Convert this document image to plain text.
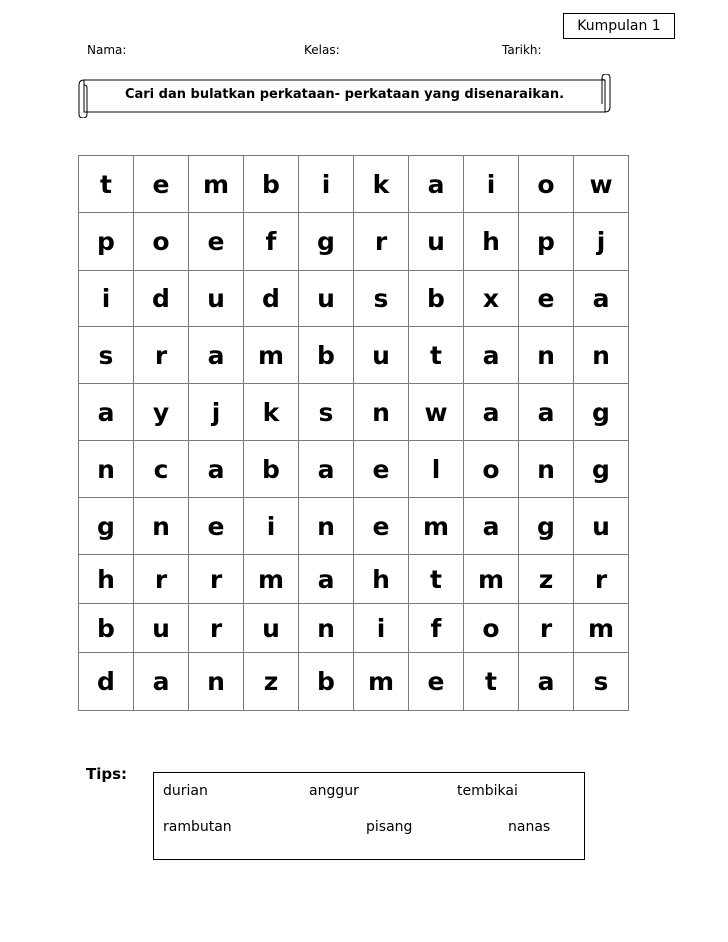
Kumpulan 1
Nama:	Kelas:	Tarikh:
Cari dan bulatkan perkataan- perkataan yang disenaraikan.
t	e	m	b	i	k	a	i	o	w
p	o	e	f	g	r	u	h	p	j
i	d	u	d	u	s	b	x	e	a
s	r	a	m	b	u	t	a	n	n
a	y	j	k	s	n	w	a	a	g
n	c	a	b	a	e	l	o	n	g
g	n	e	i	n	e	m	a	g	u
h	r	r	m	a	h	t	m	z	r
b	u	r	u	n	i	f	o	r	m
d	a	n	z	b	m	e	t	a	s
Tips:
durian	anggur	tembikai
rambutan	pisang	nanas
